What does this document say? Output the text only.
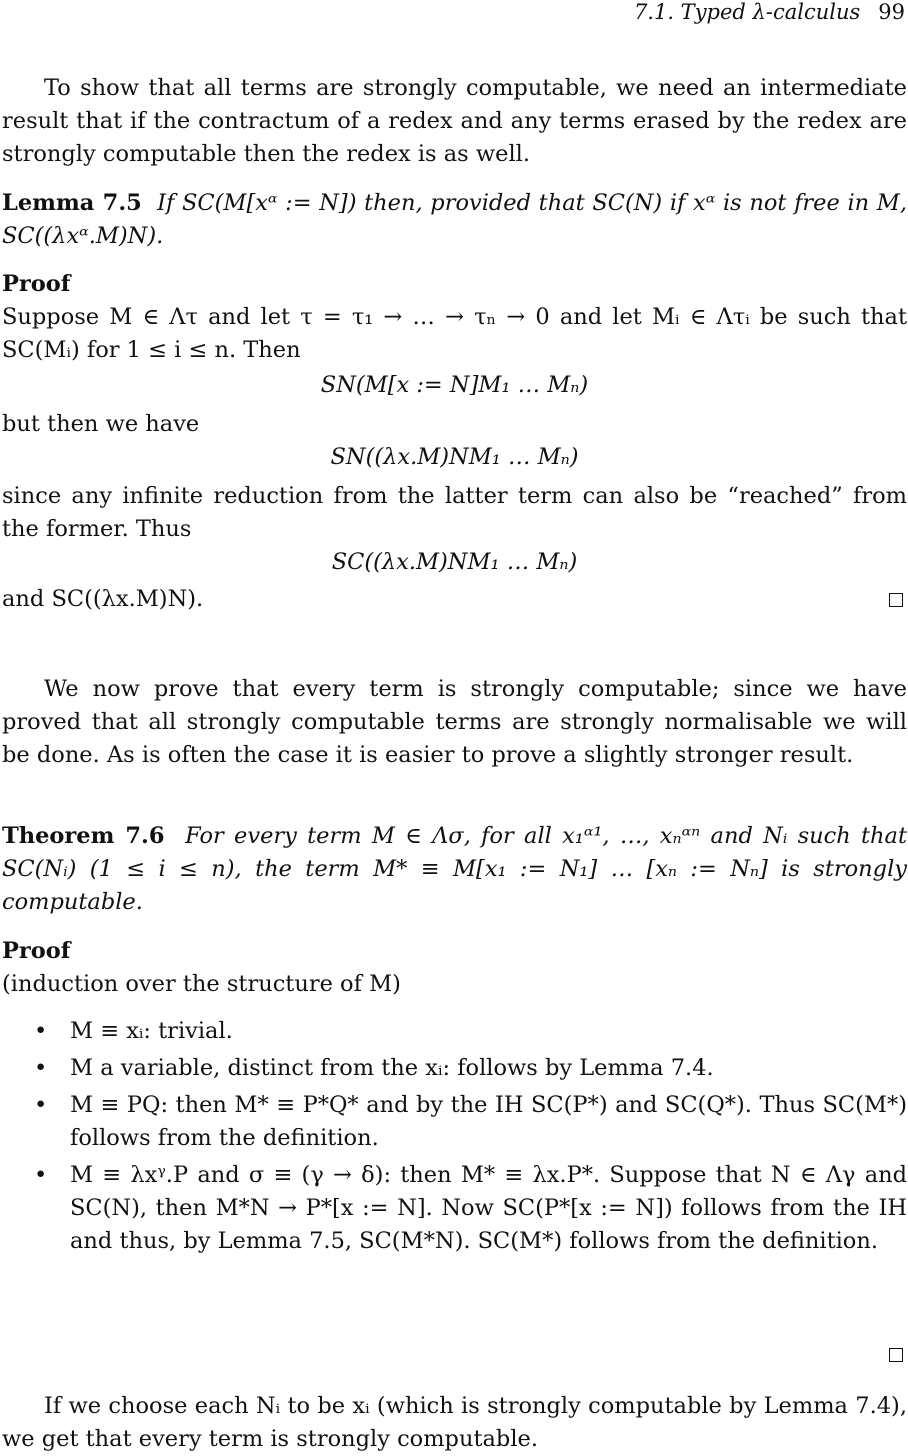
7.1. Typed λ-calculus 99

To show that all terms are strongly computable, we need an intermediate result that if the contractum of a redex and any terms erased by the redex are strongly computable then the redex is as well.

Lemma 7.5 If SC(M[xᵅ := N]) then, provided that SC(N) if xᵅ is not free in M, SC((λxᵅ.M)N).

Proof

Suppose M ∈ Λτ and let τ = τ₁ → … → τₙ → 0 and let Mᵢ ∈ Λτᵢ be such that SC(Mᵢ) for 1 ≤ i ≤ n. Then

SN(M[x := N]M₁ … Mₙ)

but then we have

SN((λx.M)NM₁ … Mₙ)

since any infinite reduction from the latter term can also be “reached” from the former. Thus

SC((λx.M)NM₁ … Mₙ)

and SC((λx.M)N).

We now prove that every term is strongly computable; since we have proved that all strongly computable terms are strongly normalisable we will be done. As is often the case it is easier to prove a slightly stronger result.

Theorem 7.6 For every term M ∈ Λσ, for all x₁ᵅ¹, …, xₙᵅⁿ and Nᵢ such that SC(Nᵢ) (1 ≤ i ≤ n), the term M* ≡ M[x₁ := N₁] … [xₙ := Nₙ] is strongly computable.

Proof

(induction over the structure of M)

• M ≡ xᵢ: trivial.
• M a variable, distinct from the xᵢ: follows by Lemma 7.4.
• M ≡ PQ: then M* ≡ P*Q* and by the IH SC(P*) and SC(Q*). Thus SC(M*) follows from the definition.

• M ≡ λxᵞ.P and σ ≡ (γ → δ): then M* ≡ λx.P*. Suppose that N ∈ Λγ and SC(N), then M*N → P*[x := N]. Now SC(P*[x := N]) follows from the IH and thus, by Lemma 7.5, SC(M*N). SC(M*) follows from the definition.

If we choose each Nᵢ to be xᵢ (which is strongly computable by Lemma 7.4), we get that every term is strongly computable.
